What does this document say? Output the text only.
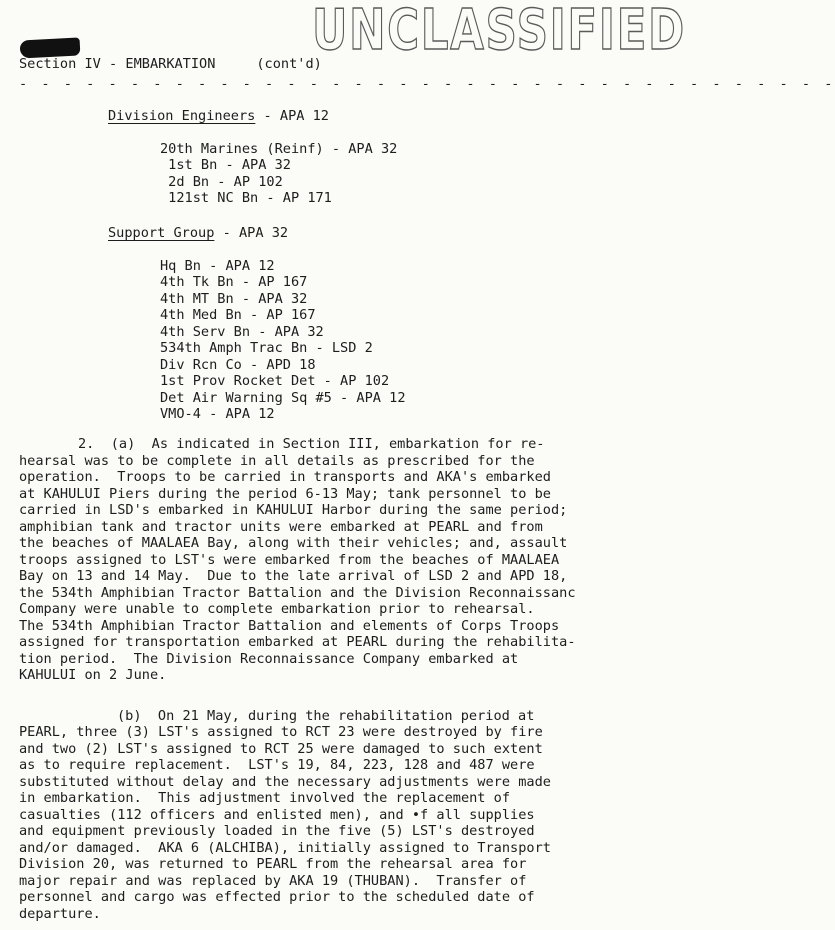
UNCLASSIFIED
Section IV - EMBARKATION	(cont'd)
- - - - - - - - - - - - - - - - - - - - - - - - - - - - - - - - - - - - -
Division Engineers - APA 12
20th Marines (Reinf) - APA 32
1st Bn - APA 32
2d Bn - AP 102
121st NC Bn - AP 171
Support Group - APA 32
Hq Bn - APA 12
4th Tk Bn - AP 167
4th MT Bn - APA 32
4th Med Bn - AP 167
4th Serv Bn - APA 32
534th Amph Trac Bn - LSD 2
Div Rcn Co - APD 18
1st Prov Rocket Det - AP 102
Det Air Warning Sq #5 - APA 12
VMO-4 - APA 12
2.  (a)  As indicated in Section III, embarkation for re-
hearsal was to be complete in all details as prescribed for the
operation.  Troops to be carried in transports and AKA's embarked
at KAHULUI Piers during the period 6-13 May; tank personnel to be
carried in LSD's embarked in KAHULUI Harbor during the same period;
amphibian tank and tractor units were embarked at PEARL and from
the beaches of MAALAEA Bay, along with their vehicles; and, assault
troops assigned to LST's were embarked from the beaches of MAALAEA
Bay on 13 and 14 May.  Due to the late arrival of LSD 2 and APD 18,
the 534th Amphibian Tractor Battalion and the Division Reconnaissanc
Company were unable to complete embarkation prior to rehearsal.
The 534th Amphibian Tractor Battalion and elements of Corps Troops
assigned for transportation embarked at PEARL during the rehabilita-
tion period.  The Division Reconnaissance Company embarked at
KAHULUI on 2 June.
(b)  On 21 May, during the rehabilitation period at
PEARL, three (3) LST's assigned to RCT 23 were destroyed by fire
and two (2) LST's assigned to RCT 25 were damaged to such extent
as to require replacement.  LST's 19, 84, 223, 128 and 487 were
substituted without delay and the necessary adjustments were made
in embarkation.  This adjustment involved the replacement of
casualties (112 officers and enlisted men), and •f all supplies
and equipment previously loaded in the five (5) LST's destroyed
and/or damaged.  AKA 6 (ALCHIBA), initially assigned to Transport
Division 20, was returned to PEARL from the rehearsal area for
major repair and was replaced by AKA 19 (THUBAN).  Transfer of
personnel and cargo was effected prior to the scheduled date of
departure.
